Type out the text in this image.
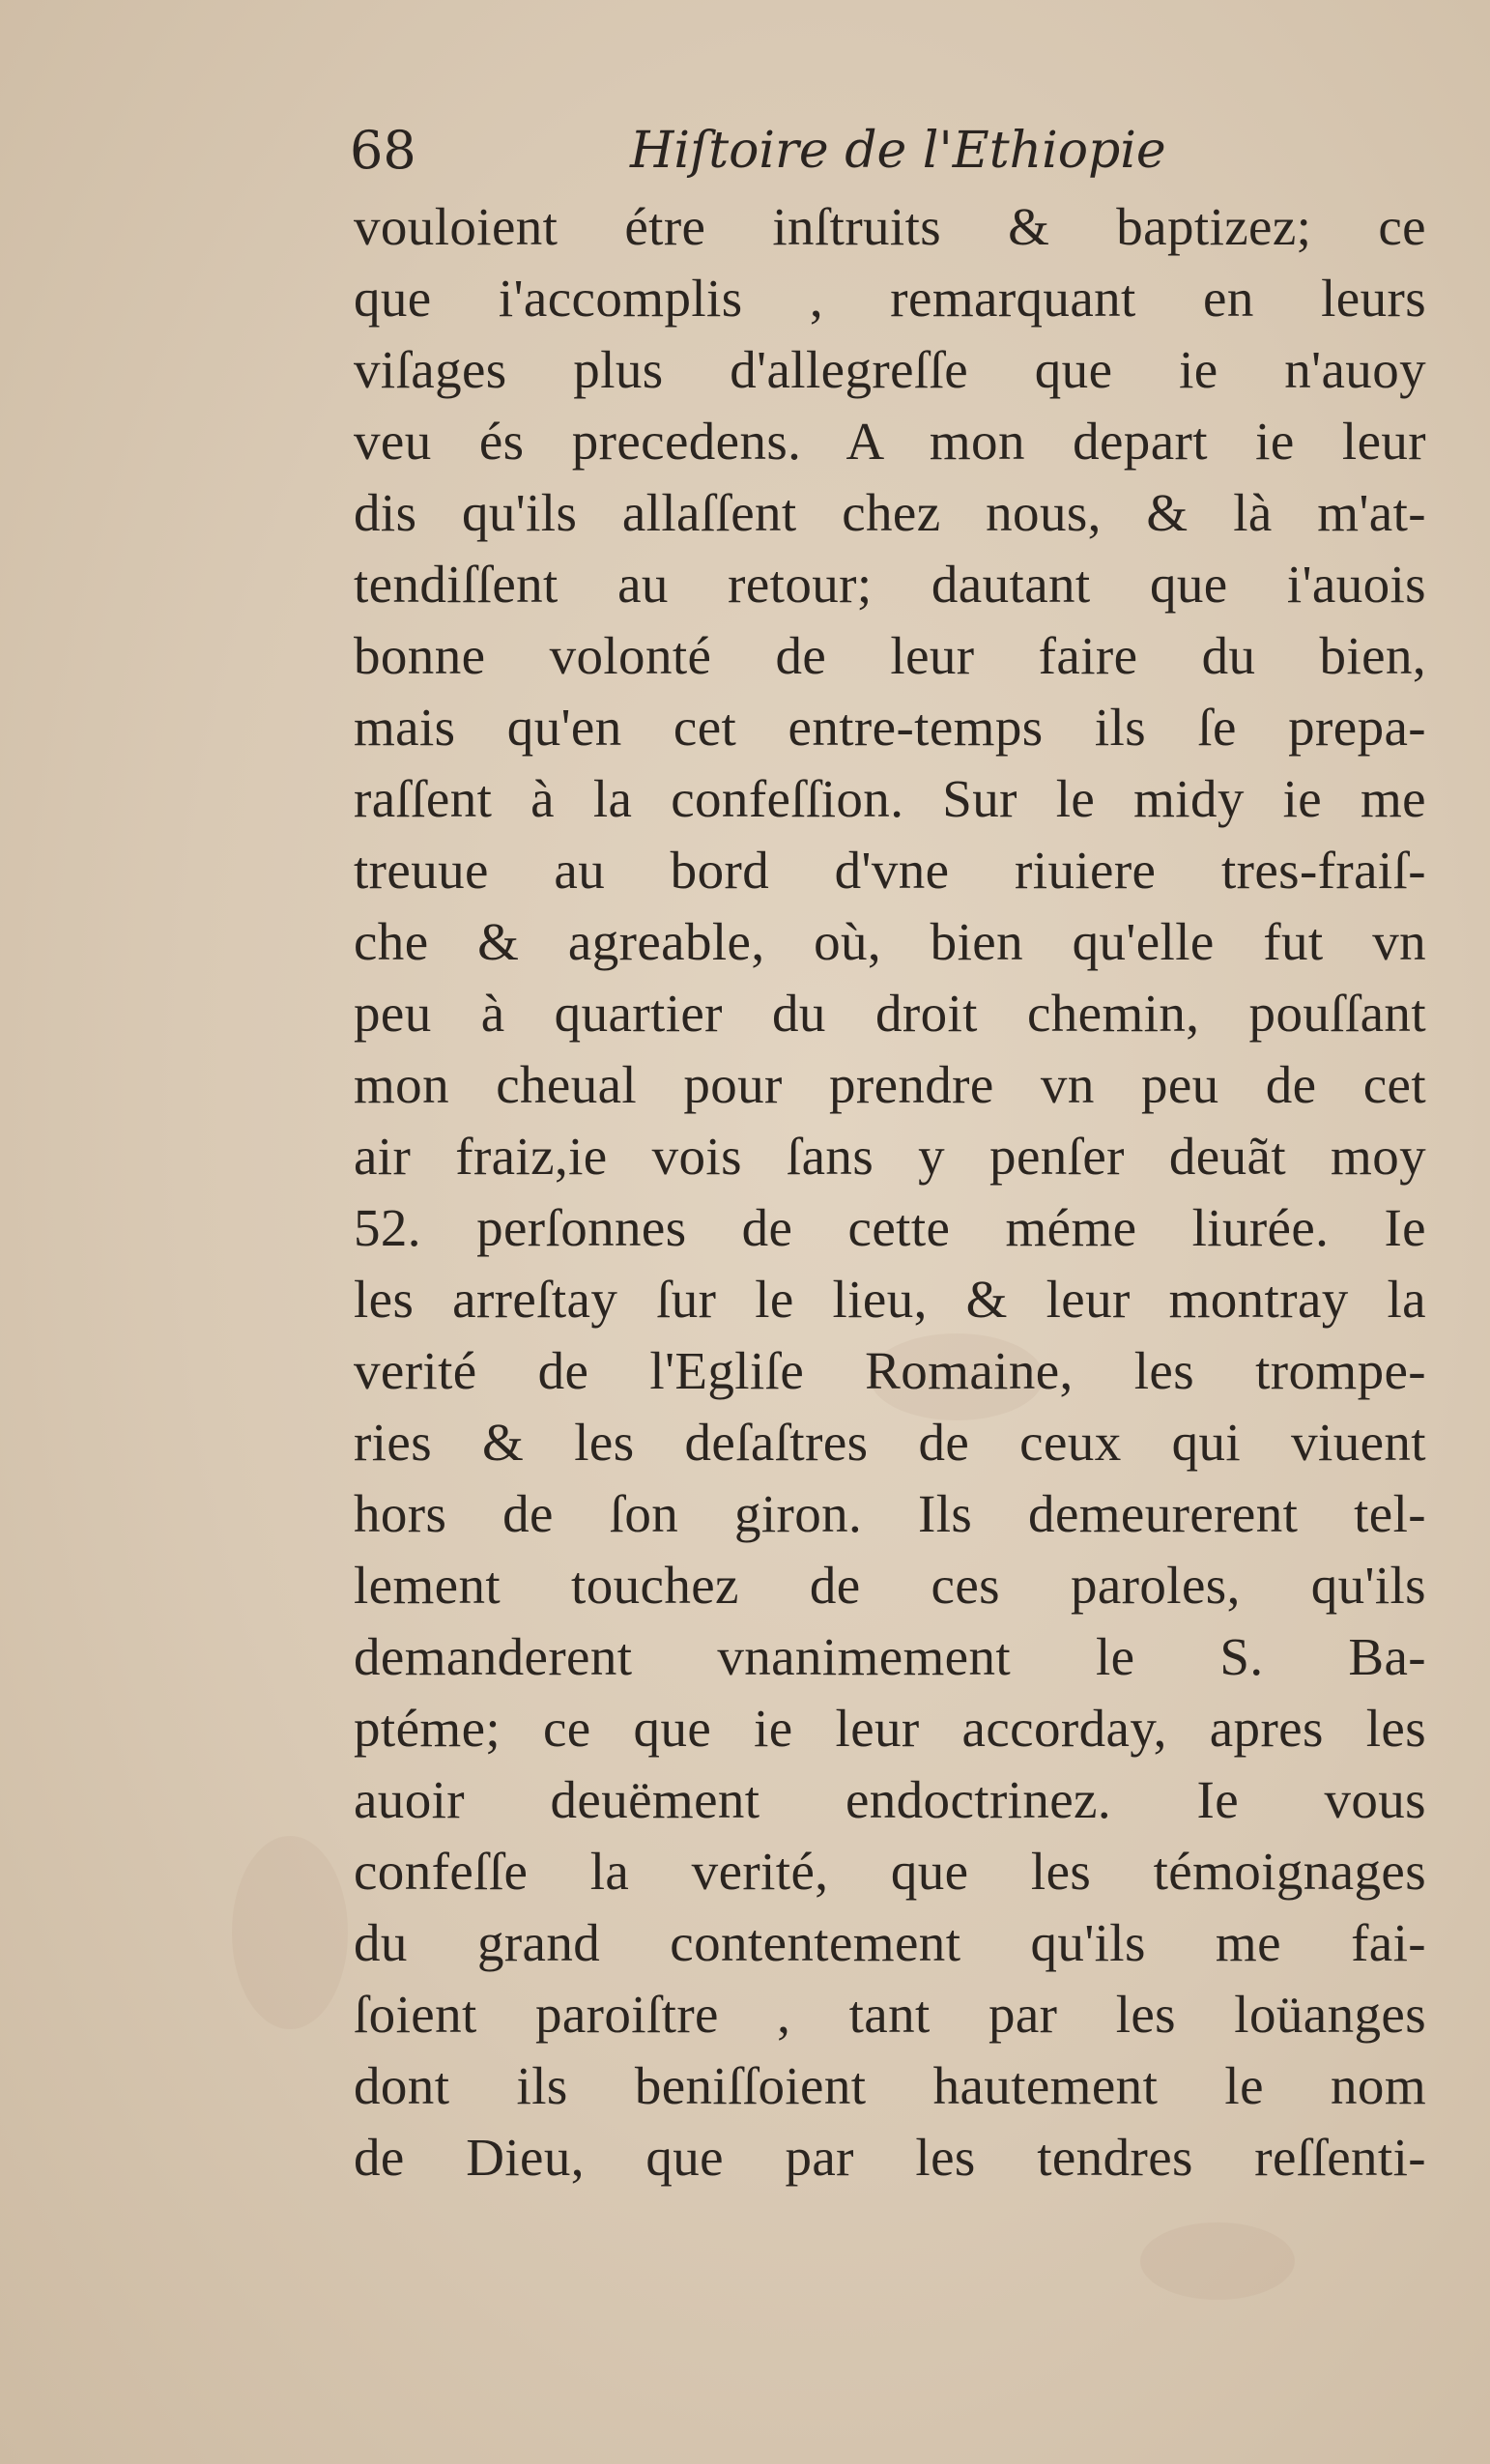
68	Hiſtoire de l'Ethiopie
vouloient étre inſtruits & baptizez; ce
que i'accomplis , remarquant en leurs
viſages plus d'allegreſſe que ie n'auoy
veu és precedens. A mon depart ie leur
dis qu'ils allaſſent chez nous, & là m'at-
tendiſſent au retour; dautant que i'auois
bonne volonté de leur faire du bien,
mais qu'en cet entre-temps ils ſe prepa-
raſſent à la confeſſion. Sur le midy ie me
treuue au bord d'vne riuiere tres-fraiſ-
che & agreable, où, bien qu'elle fut vn
peu à quartier du droit chemin, pouſſant
mon cheual pour prendre vn peu de cet
air fraiz,ie vois ſans y penſer deuãt moy
52. perſonnes de cette méme liurée. Ie
les arreſtay ſur le lieu, & leur montray la
verité de l'Egliſe Romaine, les trompe-
ries & les deſaſtres de ceux qui viuent
hors de ſon giron. Ils demeurerent tel-
lement touchez de ces paroles, qu'ils
demanderent vnanimement le S. Ba-
ptéme; ce que ie leur accorday, apres les
auoir deuëment endoctrinez. Ie vous
confeſſe la verité, que les témoignages
du grand contentement qu'ils me fai-
ſoient paroiſtre , tant par les loüanges
dont ils beniſſoient hautement le nom
de Dieu, que par les tendres reſſenti-
